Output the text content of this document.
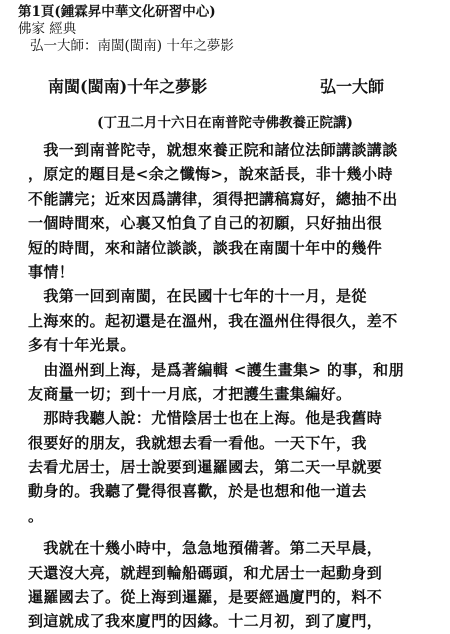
第1頁(鍾霖昇中華文化研習中心)
佛家 經典
弘一大師：南閩(閩南) 十年之夢影
南閩(閩南)十年之夢影	弘一大師
(丁丑二月十六日在南普陀寺佛教養正院講)
　我一到南普陀寺，就想來養正院和諸位法師講談講談
，原定的題目是<余之懺悔>，說來話長，非十幾小時
不能講完；近來因爲講律，須得把講稿寫好，總抽不出
一個時間來，心裏又怕負了自己的初願，只好抽出很
短的時間，來和諸位談談，談我在南閩十年中的幾件
事情！
　我第一回到南閩，在民國十七年的十一月，是從
上海來的。起初還是在溫州，我在溫州住得很久，差不
多有十年光景。
　由溫州到上海，是爲著編輯 <護生畫集> 的事，和朋
友商量一切；到十一月底，才把護生畫集編好。
　那時我聽人說：尤惜陰居士也在上海。他是我舊時
很要好的朋友，我就想去看一看他。一天下午，我
去看尤居士，居士說要到暹羅國去，第二天一早就要
動身的。我聽了覺得很喜歡，於是也想和他一道去
。
　我就在十幾小時中，急急地預備著。第二天早晨，
天還沒大亮，就趕到輪船碼頭，和尤居士一起動身到
暹羅國去了。從上海到暹羅，是要經過廈門的，料不
到這就成了我來廈門的因緣。十二月初，到了廈門，
